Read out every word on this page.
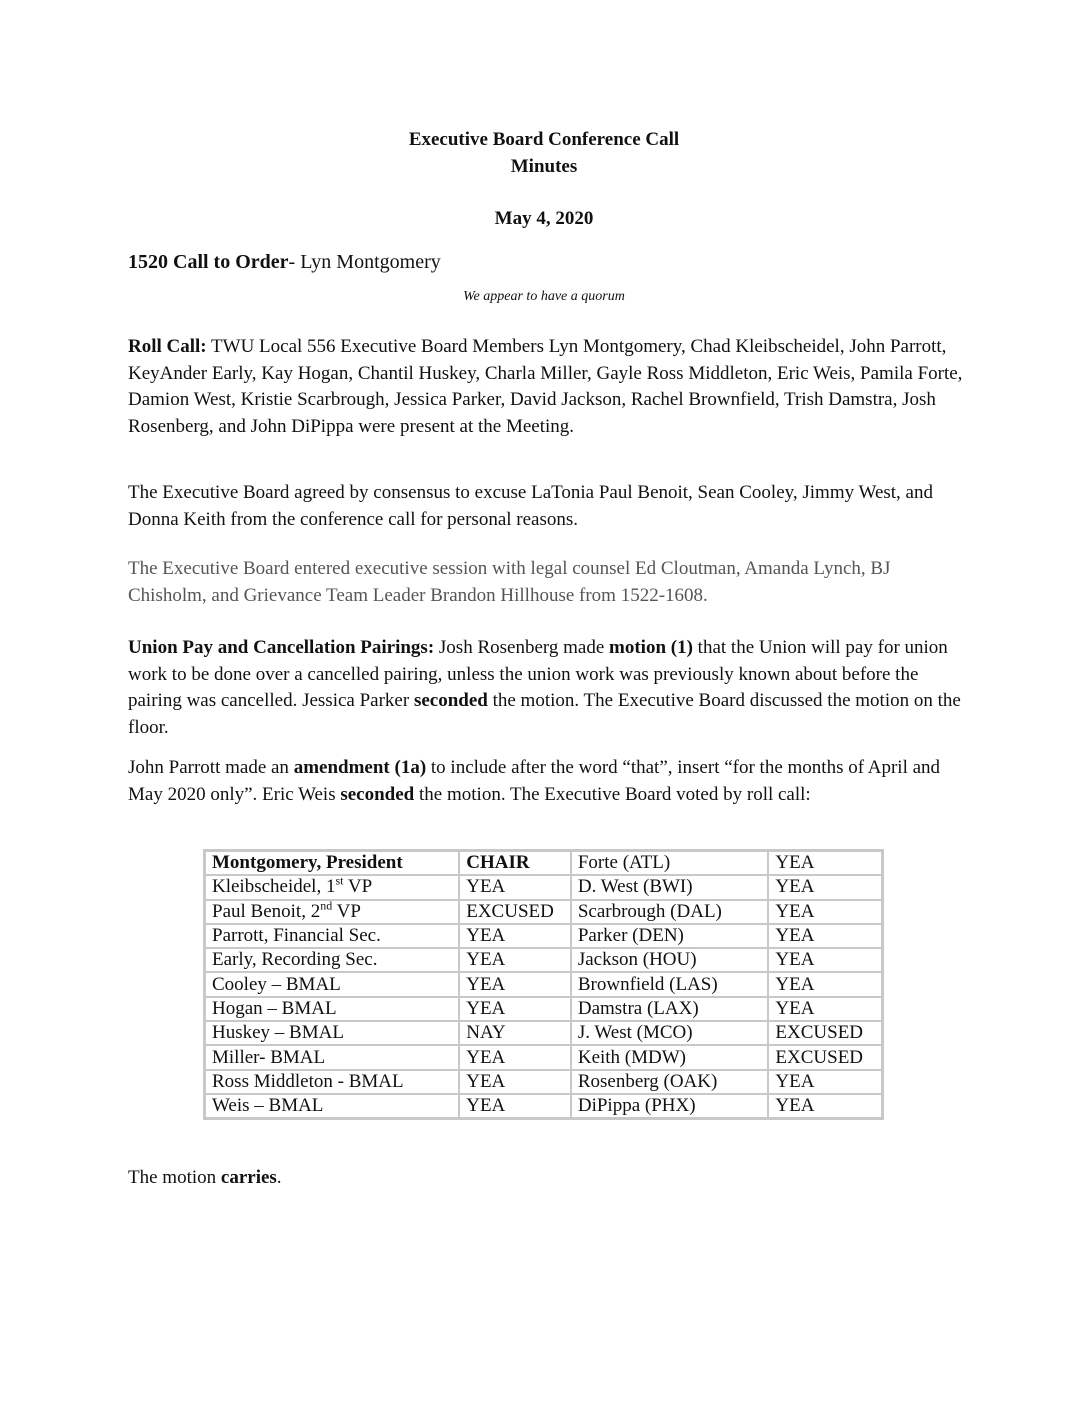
Executive Board Conference Call
Minutes
May 4, 2020
1520 Call to Order- Lyn Montgomery
We appear to have a quorum
Roll Call: TWU Local 556 Executive Board Members Lyn Montgomery, Chad Kleibscheidel, John Parrott, KeyAnder Early, Kay Hogan, Chantil Huskey, Charla Miller, Gayle Ross Middleton, Eric Weis, Pamila Forte, Damion West, Kristie Scarbrough, Jessica Parker, David Jackson, Rachel Brownfield, Trish Damstra, Josh Rosenberg, and John DiPippa were present at the Meeting.
The Executive Board agreed by consensus to excuse LaTonia Paul Benoit, Sean Cooley, Jimmy West, and Donna Keith from the conference call for personal reasons.
The Executive Board entered executive session with legal counsel Ed Cloutman, Amanda Lynch, BJ Chisholm, and Grievance Team Leader Brandon Hillhouse from 1522-1608.
Union Pay and Cancellation Pairings: Josh Rosenberg made motion (1) that the Union will pay for union work to be done over a cancelled pairing, unless the union work was previously known about before the pairing was cancelled. Jessica Parker seconded the motion. The Executive Board discussed the motion on the floor.
John Parrott made an amendment (1a) to include after the word “that”, insert “for the months of April and May 2020 only”. Eric Weis seconded the motion. The Executive Board voted by roll call:
Montgomery, President	CHAIR	Forte (ATL)	YEA
Kleibscheidel, 1st VP	YEA	D. West (BWI)	YEA
Paul Benoit, 2nd VP	EXCUSED	Scarbrough (DAL)	YEA
Parrott, Financial Sec.	YEA	Parker (DEN)	YEA
Early, Recording Sec.	YEA	Jackson (HOU)	YEA
Cooley – BMAL	YEA	Brownfield (LAS)	YEA
Hogan – BMAL	YEA	Damstra (LAX)	YEA
Huskey – BMAL	NAY	J. West (MCO)	EXCUSED
Miller- BMAL	YEA	Keith (MDW)	EXCUSED
Ross Middleton - BMAL	YEA	Rosenberg (OAK)	YEA
Weis – BMAL	YEA	DiPippa (PHX)	YEA
The motion carries.
